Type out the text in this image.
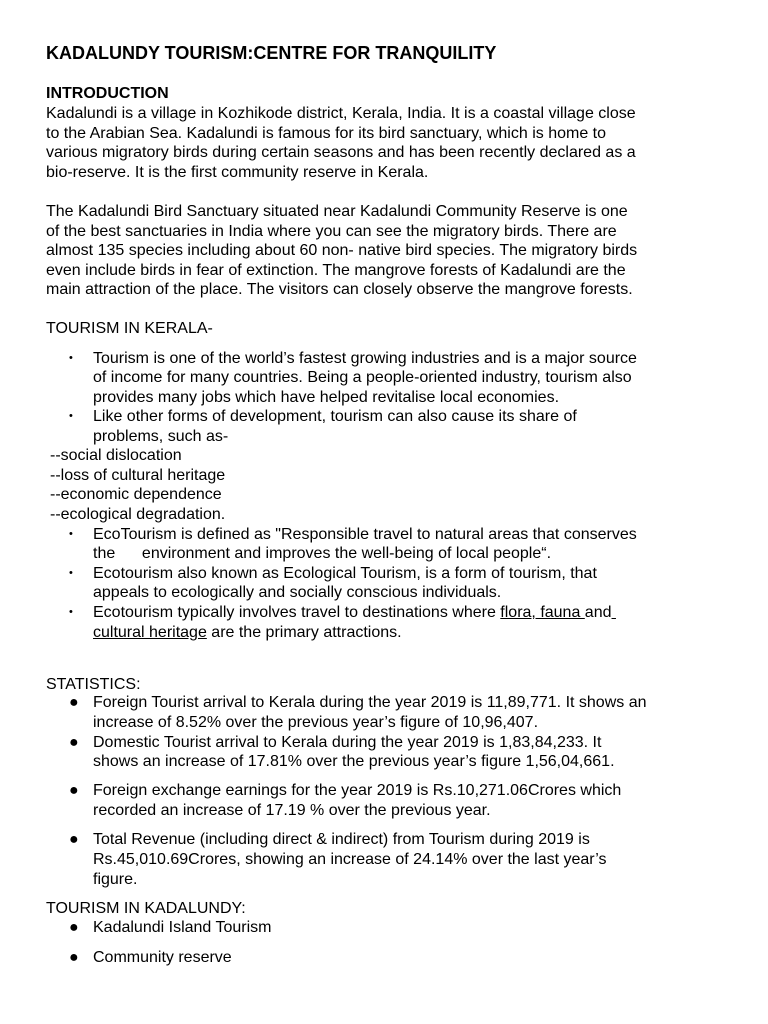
KADALUNDY TOURISM:CENTRE FOR TRANQUILITY
INTRODUCTION
Kadalundi is a village in Kozhikode district, Kerala, India. It is a coastal village close
to the Arabian Sea. Kadalundi is famous for its bird sanctuary, which is home to
various migratory birds during certain seasons and has been recently declared as a
bio-reserve. It is the first community reserve in Kerala.
The Kadalundi Bird Sanctuary situated near Kadalundi Community Reserve is one
of the best sanctuaries in India where you can see the migratory birds. There are
almost 135 species including about 60 non- native bird species. The migratory birds
even include birds in fear of extinction. The mangrove forests of Kadalundi are the
main attraction of the place. The visitors can closely observe the mangrove forests.
TOURISM IN KERALA-
• Tourism is one of the world’s fastest growing industries and is a major source
of income for many countries. Being a people-oriented industry, tourism also
provides many jobs which have helped revitalise local economies.
• Like other forms of development, tourism can also cause its share of
problems, such as-
--social dislocation
--loss of cultural heritage
--economic dependence
--ecological degradation.
• EcoTourism is defined as "Responsible travel to natural areas that conserves
the      environment and improves the well-being of local people“.
• Ecotourism also known as Ecological Tourism, is a form of tourism, that
appeals to ecologically and socially conscious individuals.
• Ecotourism typically involves travel to destinations where flora, fauna and
cultural heritage are the primary attractions.
STATISTICS:
● Foreign Tourist arrival to Kerala during the year 2019 is 11,89,771. It shows an
increase of 8.52% over the previous year’s figure of 10,96,407.
● Domestic Tourist arrival to Kerala during the year 2019 is 1,83,84,233. It
shows an increase of 17.81% over the previous year’s figure 1,56,04,661.
● Foreign exchange earnings for the year 2019 is Rs.10,271.06Crores which
recorded an increase of 17.19 % over the previous year.
● Total Revenue (including direct & indirect) from Tourism during 2019 is
Rs.45,010.69Crores, showing an increase of 24.14% over the last year’s
figure.
TOURISM IN KADALUNDY:
● Kadalundi Island Tourism
● Community reserve
